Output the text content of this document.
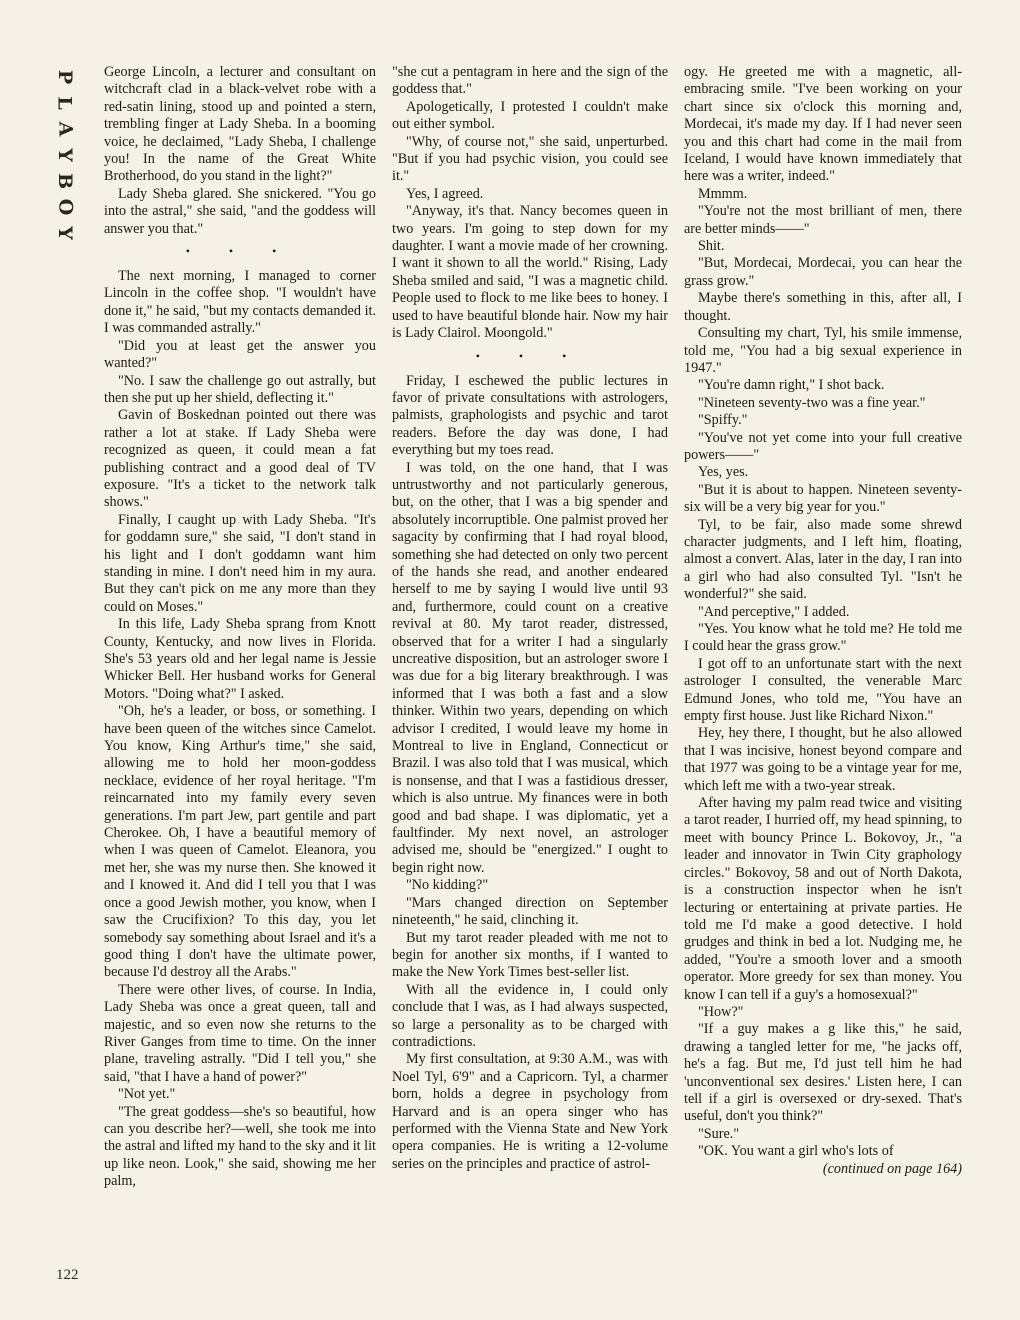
P
L
A
Y
B
O
Y
122

George Lincoln, a lecturer and consultant on witchcraft clad in a black-velvet robe with a red-satin lining, stood up and pointed a stern, trembling finger at Lady Sheba. In a booming voice, he declaimed, "Lady Sheba, I challenge you! In the name of the Great White Brotherhood, do you stand in the light?"

Lady Sheba glared. She snickered. "You go into the astral," she said, "and the goddess will answer you that."

• • •

The next morning, I managed to corner Lincoln in the coffee shop. "I wouldn't have done it," he said, "but my contacts demanded it. I was commanded astrally."

"Did you at least get the answer you wanted?"

"No. I saw the challenge go out astrally, but then she put up her shield, deflecting it."

Gavin of Boskednan pointed out there was rather a lot at stake. If Lady Sheba were recognized as queen, it could mean a fat publishing contract and a good deal of TV exposure. "It's a ticket to the network talk shows."

Finally, I caught up with Lady Sheba. "It's for goddamn sure," she said, "I don't stand in his light and I don't goddamn want him standing in mine. I don't need him in my aura. But they can't pick on me any more than they could on Moses."

In this life, Lady Sheba sprang from Knott County, Kentucky, and now lives in Florida. She's 53 years old and her legal name is Jessie Whicker Bell. Her husband works for General Motors. "Doing what?" I asked.

"Oh, he's a leader, or boss, or something. I have been queen of the witches since Camelot. You know, King Arthur's time," she said, allowing me to hold her moon-goddess necklace, evidence of her royal heritage. "I'm reincarnated into my family every seven generations. I'm part Jew, part gentile and part Cherokee. Oh, I have a beautiful memory of when I was queen of Camelot. Eleanora, you met her, she was my nurse then. She knowed it and I knowed it. And did I tell you that I was once a good Jewish mother, you know, when I saw the Crucifixion? To this day, you let somebody say something about Israel and it's a good thing I don't have the ultimate power, because I'd destroy all the Arabs."

There were other lives, of course. In India, Lady Sheba was once a great queen, tall and majestic, and so even now she returns to the River Ganges from time to time. On the inner plane, traveling astrally. "Did I tell you," she said, "that I have a hand of power?"

"Not yet."

"The great goddess—she's so beautiful, how can you describe her?—well, she took me into the astral and lifted my hand to the sky and it lit up like neon. Look," she said, showing me her palm,

"she cut a pentagram in here and the sign of the goddess that."

Apologetically, I protested I couldn't make out either symbol.

"Why, of course not," she said, unperturbed. "But if you had psychic vision, you could see it."

Yes, I agreed.

"Anyway, it's that. Nancy becomes queen in two years. I'm going to step down for my daughter. I want a movie made of her crowning. I want it shown to all the world." Rising, Lady Sheba smiled and said, "I was a magnetic child. People used to flock to me like bees to honey. I used to have beautiful blonde hair. Now my hair is Lady Clairol. Moongold."

• • •

Friday, I eschewed the public lectures in favor of private consultations with astrologers, palmists, graphologists and psychic and tarot readers. Before the day was done, I had everything but my toes read.

I was told, on the one hand, that I was untrustworthy and not particularly generous, but, on the other, that I was a big spender and absolutely incorruptible. One palmist proved her sagacity by confirming that I had royal blood, something she had detected on only two percent of the hands she read, and another endeared herself to me by saying I would live until 93 and, furthermore, could count on a creative revival at 80. My tarot reader, distressed, observed that for a writer I had a singularly uncreative disposition, but an astrologer swore I was due for a big literary breakthrough. I was informed that I was both a fast and a slow thinker. Within two years, depending on which advisor I credited, I would leave my home in Montreal to live in England, Connecticut or Brazil. I was also told that I was musical, which is nonsense, and that I was a fastidious dresser, which is also untrue. My finances were in both good and bad shape. I was diplomatic, yet a faultfinder. My next novel, an astrologer advised me, should be "energized." I ought to begin right now.

"No kidding?"

"Mars changed direction on September nineteenth," he said, clinching it.

But my tarot reader pleaded with me not to begin for another six months, if I wanted to make the New York Times best-seller list.

With all the evidence in, I could only conclude that I was, as I had always suspected, so large a personality as to be charged with contradictions.

My first consultation, at 9:30 A.M., was with Noel Tyl, 6'9" and a Capricorn. Tyl, a charmer born, holds a degree in psychology from Harvard and is an opera singer who has performed with the Vienna State and New York opera companies. He is writing a 12-volume series on the principles and practice of astrol-

ogy. He greeted me with a magnetic, all-embracing smile. "I've been working on your chart since six o'clock this morning and, Mordecai, it's made my day. If I had never seen you and this chart had come in the mail from Iceland, I would have known immediately that here was a writer, indeed."

Mmmm.

"You're not the most brilliant of men, there are better minds——"

Shit.

"But, Mordecai, Mordecai, you can hear the grass grow."

Maybe there's something in this, after all, I thought.

Consulting my chart, Tyl, his smile immense, told me, "You had a big sexual experience in 1947."

"You're damn right," I shot back.

"Nineteen seventy-two was a fine year."

"Spiffy."

"You've not yet come into your full creative powers——"

Yes, yes.

"But it is about to happen. Nineteen seventy-six will be a very big year for you."

Tyl, to be fair, also made some shrewd character judgments, and I left him, floating, almost a convert. Alas, later in the day, I ran into a girl who had also consulted Tyl. "Isn't he wonderful?" she said.

"And perceptive," I added.

"Yes. You know what he told me? He told me I could hear the grass grow."

I got off to an unfortunate start with the next astrologer I consulted, the venerable Marc Edmund Jones, who told me, "You have an empty first house. Just like Richard Nixon."

Hey, hey there, I thought, but he also allowed that I was incisive, honest beyond compare and that 1977 was going to be a vintage year for me, which left me with a two-year streak.

After having my palm read twice and visiting a tarot reader, I hurried off, my head spinning, to meet with bouncy Prince L. Bokovoy, Jr., "a leader and innovator in Twin City graphology circles." Bokovoy, 58 and out of North Dakota, is a construction inspector when he isn't lecturing or entertaining at private parties. He told me I'd make a good detective. I hold grudges and think in bed a lot. Nudging me, he added, "You're a smooth lover and a smooth operator. More greedy for sex than money. You know I can tell if a guy's a homosexual?"

"How?"

"If a guy makes a g like this," he said, drawing a tangled letter for me, "he jacks off, he's a fag. But me, I'd just tell him he had 'unconventional sex desires.' Listen here, I can tell if a girl is oversexed or dry-sexed. That's useful, don't you think?"

"Sure."

"OK. You want a girl who's lots of

(continued on page 164)
